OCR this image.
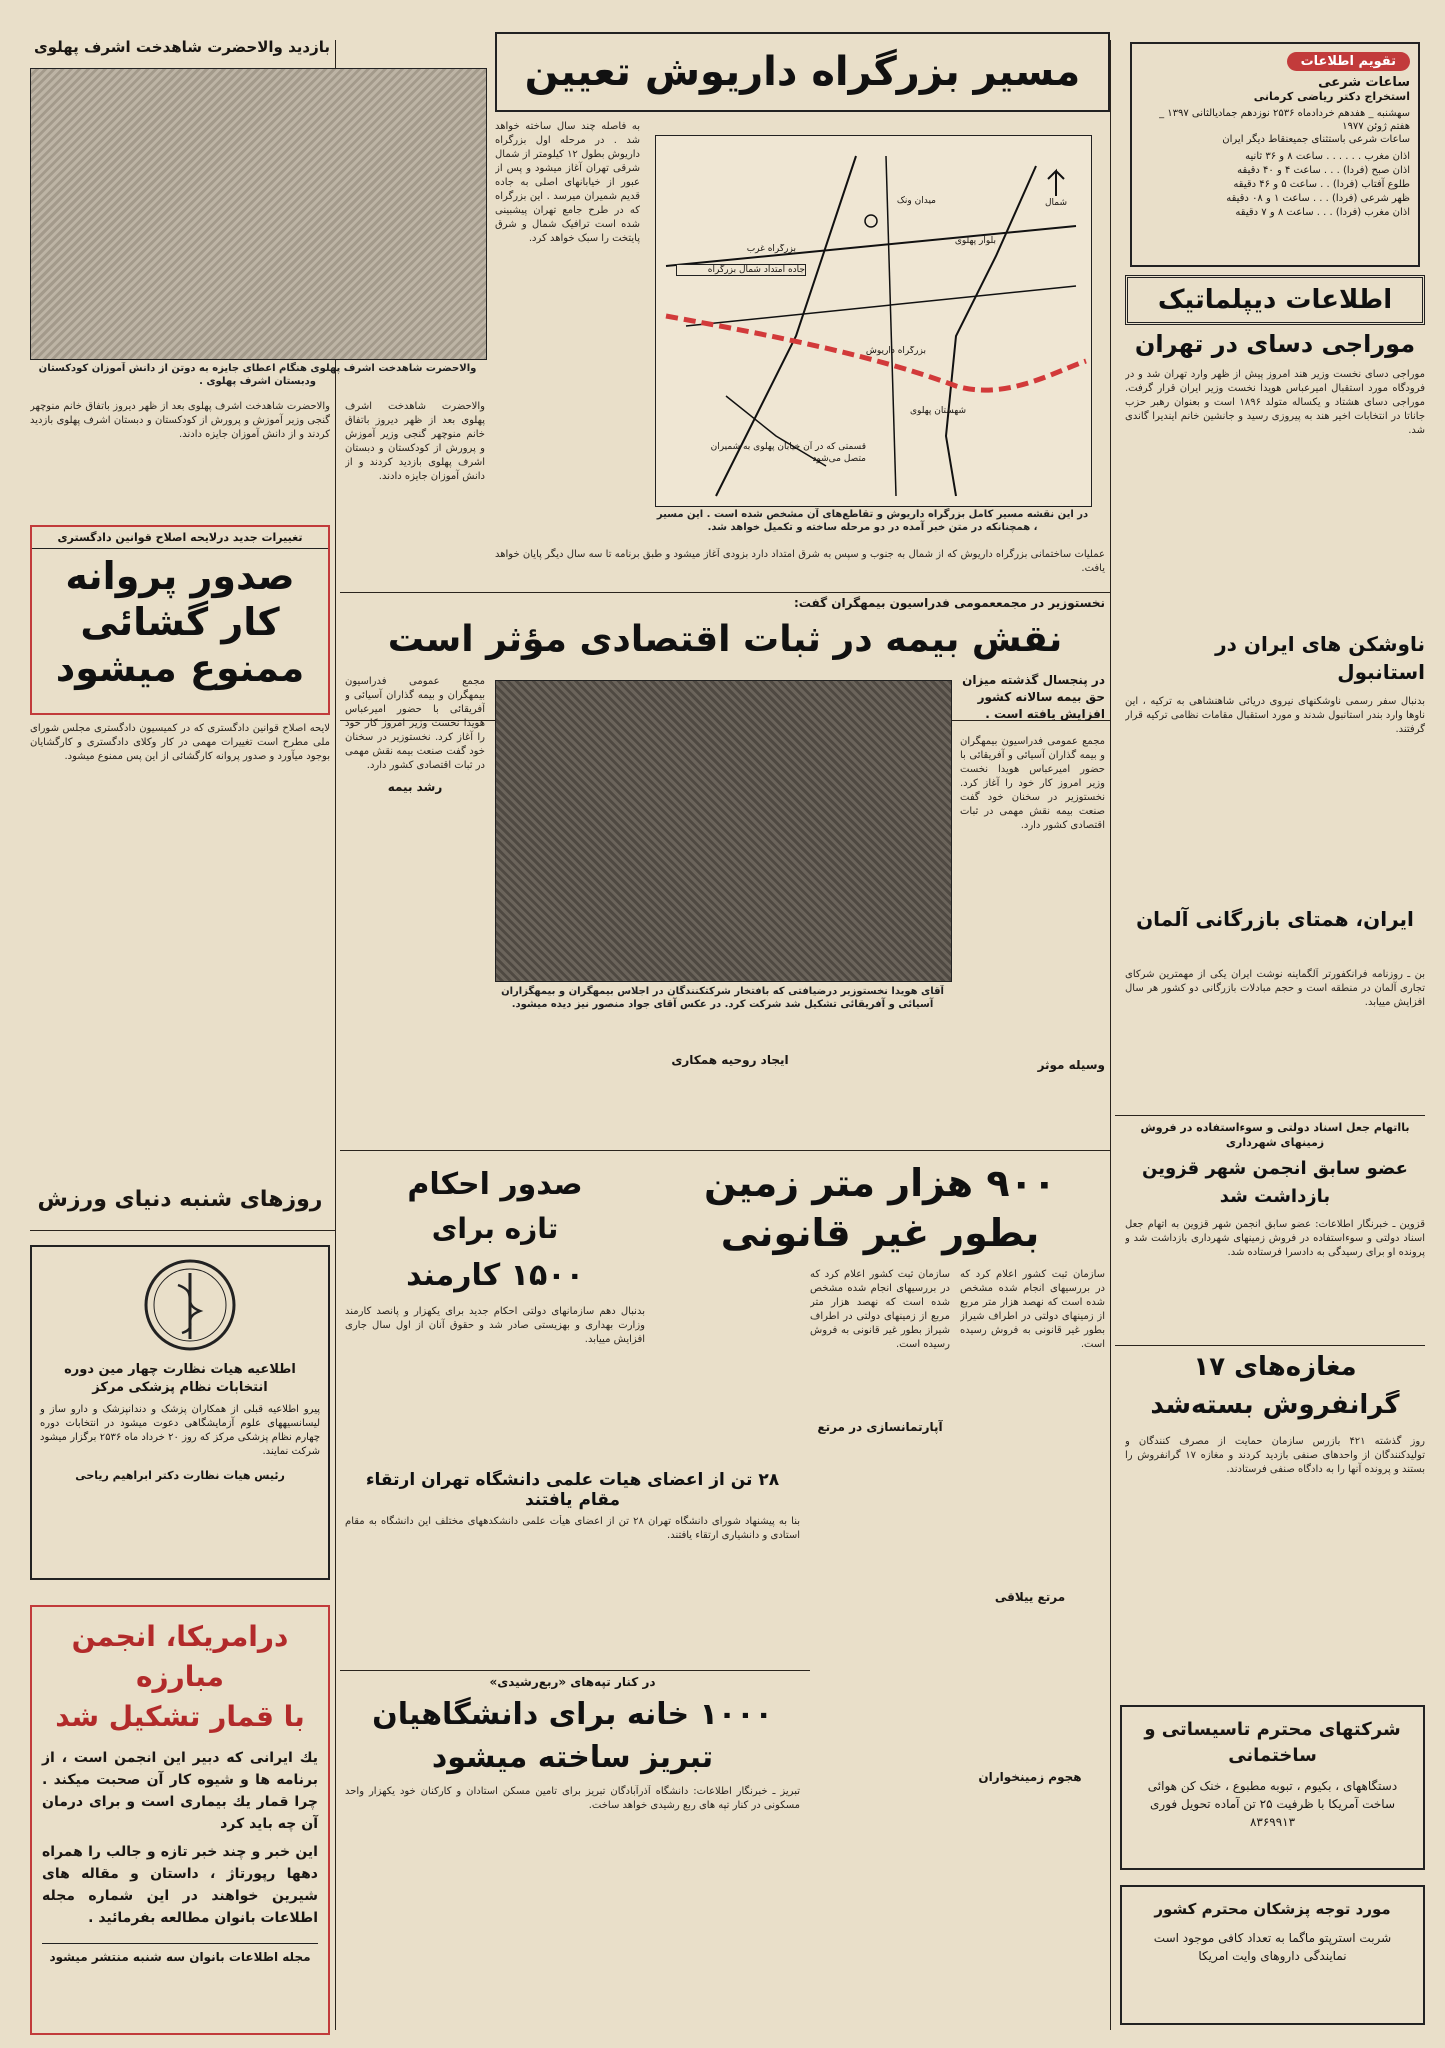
تقویم اطلاعات
ساعات شرعی
استخراج دکتر ریاضی کرمانی
سهشنبه _ هفدهم خردادماه ۲۵۳۶ نوزدهم جمادیالثانی ۱۳۹۷ _ هفتم ژوئن ۱۹۷۷
ساعات شرعی باستثنای جمیعنقاط دیگر ایران
اذان مغرب . . . . . . ساعت ۸ و ۳۶ ثانیه
اذان صبح (فردا) . . . ساعت ۴ و ۴۰ دقیقه
طلوع آفتاب (فردا) . . ساعت ۵ و ۴۶ دقیقه
ظهر شرعی (فردا) . . . ساعت ۱ و ۰۸ دقیقه
اذان مغرب (فردا) . . . ساعت ۸ و ۷ دقیقه
اطلاعات دیپلماتیک
موراجی دسای در تهران
موراجی دسای نخست وزیر هند امروز پیش از ظهر وارد تهران شد و در فرودگاه مورد استقبال امیرعباس هویدا نخست وزیر ایران قرار گرفت. موراجی دسای هشتاد و یکساله متولد ۱۸۹۶ است و بعنوان رهبر حزب جاناتا در انتخابات اخیر هند به پیروزی رسید و جانشین خانم ایندیرا گاندی شد.
ناوشکن های ایران در استانبول
بدنبال سفر رسمی ناوشکنهای نیروی دریائی شاهنشاهی به ترکیه ، این ناوها وارد بندر استانبول شدند و مورد استقبال مقامات نظامی ترکیه قرار گرفتند.
ایران، همتای بازرگانی آلمان
بن ـ روزنامه فرانکفورتر آلگماینه نوشت ایران یکی از مهمترین شرکای تجاری آلمان در منطقه است و حجم مبادلات بازرگانی دو کشور هر سال افزایش مییابد.
بااتهام جعل اسناد دولتی و سوءاستفاده در فروش زمینهای شهرداری
عضو سابق انجمن شهر قزوین بازداشت شد
قزوین ـ خبرنگار اطلاعات: عضو سابق انجمن شهر قزوین به اتهام جعل اسناد دولتی و سوءاستفاده در فروش زمینهای شهرداری بازداشت شد و پرونده او برای رسیدگی به دادسرا فرستاده شد.
مغازه‌های ۱۷
گرانفروش بسته‌شد
روز گذشته ۴۲۱ بازرس سازمان حمایت از مصرف کنندگان و تولیدکنندگان از واحدهای صنفی بازدید کردند و مغازه ۱۷ گرانفروش را بستند و پرونده آنها را به دادگاه صنفی فرستادند.
شرکتهای محترم تاسیساتی و ساختمانی
دستگاههای ، بکیوم ، تبوبه مطبوع ، خنک کن هوائی ساخت آمریکا با ظرفیت ۲۵ تن آماده تحویل فوری ۸۳۶۹۹۱۳
مورد توجه پزشکان محترم کشور
شربت استرپتو ماگما به تعداد کافی موجود است نمایندگی داروهای وایت امریکا
مسیر بزرگراه داریوش تعیین
به فاصله چند سال ساخته خواهد شد . در مرحله اول بزرگراه داریوش بطول ۱۲ کیلومتر از شمال شرقی تهران آغاز میشود و پس از عبور از خیابانهای اصلی به جاده قدیم شمیران میرسد . این بزرگراه که در طرح جامع تهران پیشبینی شده است ترافیک شمال و شرق پایتخت را سبک خواهد کرد.
شمال
بزرگراه غرب
جاده امتداد شمال بزرگراه
بزرگراه داریوش
شهستان پهلوی
میدان ونک
بلوار پهلوی
قسمتی که در آن خیابان پهلوی به شمیران متصل می‌شود
در این نقشه مسیر کامل بزرگراه داریوش و تقاطع‌های آن مشخص شده است . این مسیر ، همچنانکه در متن خبر آمده در دو مرحله ساخته و تکمیل خواهد شد.
عملیات ساختمانی بزرگراه داریوش که از شمال به جنوب و سپس به شرق امتداد دارد بزودی آغاز میشود و طبق برنامه تا سه سال دیگر پایان خواهد یافت.
نخستوزیر در مجمععمومی فدراسیون بیمهگران گفت:
نقش بیمه در ثبات اقتصادی مؤثر است
در پنجسال گذشته میزان حق بیمه سالانه کشور افزایش یافته است .
آقای هویدا نخستوزیر درضیافتی که بافتخار شرکتکنندگان در اجلاس بیمهگران و بیمهگزاران آسیائی و آفریقائی تشکیل شد شرکت کرد. در عکس آقای جواد منصور نیز دیده میشود.
مجمع عمومی فدراسیون بیمهگران و بیمه گذاران آسیائی و آفریقائی با حضور امیرعباس هویدا نخست وزیر امروز کار خود را آغاز کرد. نخستوزیر در سخنان خود گفت صنعت بیمه نقش مهمی در ثبات اقتصادی کشور دارد.
وسیله موثر
رشد بیمه
مجمع عمومی فدراسیون بیمهگران و بیمه گذاران آسیائی و آفریقائی با حضور امیرعباس هویدا نخست وزیر امروز کار خود را آغاز کرد. نخستوزیر در سخنان خود گفت صنعت بیمه نقش مهمی در ثبات اقتصادی کشور دارد.
ایجاد روحیه همکاری
۹۰۰ هزار متر زمین
بطور غیر قانونی
سازمان ثبت کشور اعلام کرد که در بررسیهای انجام شده مشخص شده است که نهصد هزار متر مربع از زمینهای دولتی در اطراف شیراز بطور غیر قانونی به فروش رسیده است.
سازمان ثبت کشور اعلام کرد که در بررسیهای انجام شده مشخص شده است که نهصد هزار متر مربع از زمینهای دولتی در اطراف شیراز بطور غیر قانونی به فروش رسیده است.
آپارتمانسازی در مرتع
مرتع ییلاقی
هجوم زمینخواران
صدور احکام
تازه برای
۱۵۰۰ کارمند
بدنبال دهم سازمانهای دولتی احکام جدید برای یکهزار و پانصد کارمند وزارت بهداری و بهزیستی صادر شد و حقوق آنان از اول سال جاری افزایش مییابد.
۲۸ تن از اعضای هیات علمی دانشگاه تهران ارتقاء مقام یافتند
بنا به پیشنهاد شورای دانشگاه تهران ۲۸ تن از اعضای هیأت علمی دانشکدههای مختلف این دانشگاه به مقام استادی و دانشیاری ارتقاء یافتند.
در کنار تپه‌های «ربع‌رشیدی»
۱۰۰۰ خانه برای دانشگاهیان
تبریز ساخته میشود
تبریز ـ خبرنگار اطلاعات: دانشگاه آذرآبادگان تبریز برای تامین مسکن استادان و کارکنان خود یکهزار واحد مسکونی در کنار تپه های ربع رشیدی خواهد ساخت.
بازدید والاحضرت شاهدخت اشرف پهلوی
والاحضرت شاهدخت اشرف پهلوی هنگام اعطای جایزه به دوتن از دانش آموزان کودکستان ودبستان اشرف پهلوی .
والاحضرت شاهدخت اشرف پهلوی بعد از ظهر دیروز باتفاق خانم منوچهر گنجی وزیر آموزش و پرورش از کودکستان و دبستان اشرف پهلوی بازدید کردند و از دانش آموزان جایزه دادند.
والاحضرت شاهدخت اشرف پهلوی بعد از ظهر دیروز باتفاق خانم منوچهر گنجی وزیر آموزش و پرورش از کودکستان و دبستان اشرف پهلوی بازدید کردند و از دانش آموزان جایزه دادند.
تغییرات جدید درلایحه اصلاح قوانین دادگستری
صدور پروانه
کار گشائی
ممنوع میشود
لایحه اصلاح قوانین دادگستری که در کمیسیون دادگستری مجلس شورای ملی مطرح است تغییرات مهمی در کار وکلای دادگستری و کارگشایان بوجود میآورد و صدور پروانه کارگشائی از این پس ممنوع میشود.
روزهای شنبه دنیای ورزش
اطلاعیه هیات نظارت چهار مین دوره انتخابات نظام پزشکی مرکز
پیرو اطلاعیه قبلی از همکاران پزشک و دندانپزشک و دارو ساز و لیسانسیههای علوم آزمایشگاهی دعوت میشود در انتخابات دوره چهارم نظام پزشکی مرکز که روز ۲۰ خرداد ماه ۲۵۳۶ برگزار میشود شرکت نمایند.
رئیس هیات نظارت دکتر ابراهیم ریاحی
درامریکا، انجمن مبارزه
با قمار تشکیل شد
یك ایرانی که دبیر این انجمن است ، از برنامه ها و شیوه کار آن صحبت میکند . چرا قمار یك بیماری است و برای درمان آن چه باید کرد
این خبر و چند خبر تازه و جالب را همراه دهها رپورتاژ ، داستان و مقاله های شیرین خواهند در این شماره مجله اطلاعات بانوان مطالعه بفرمائید .
مجله اطلاعات بانوان سه شنبه منتشر میشود
